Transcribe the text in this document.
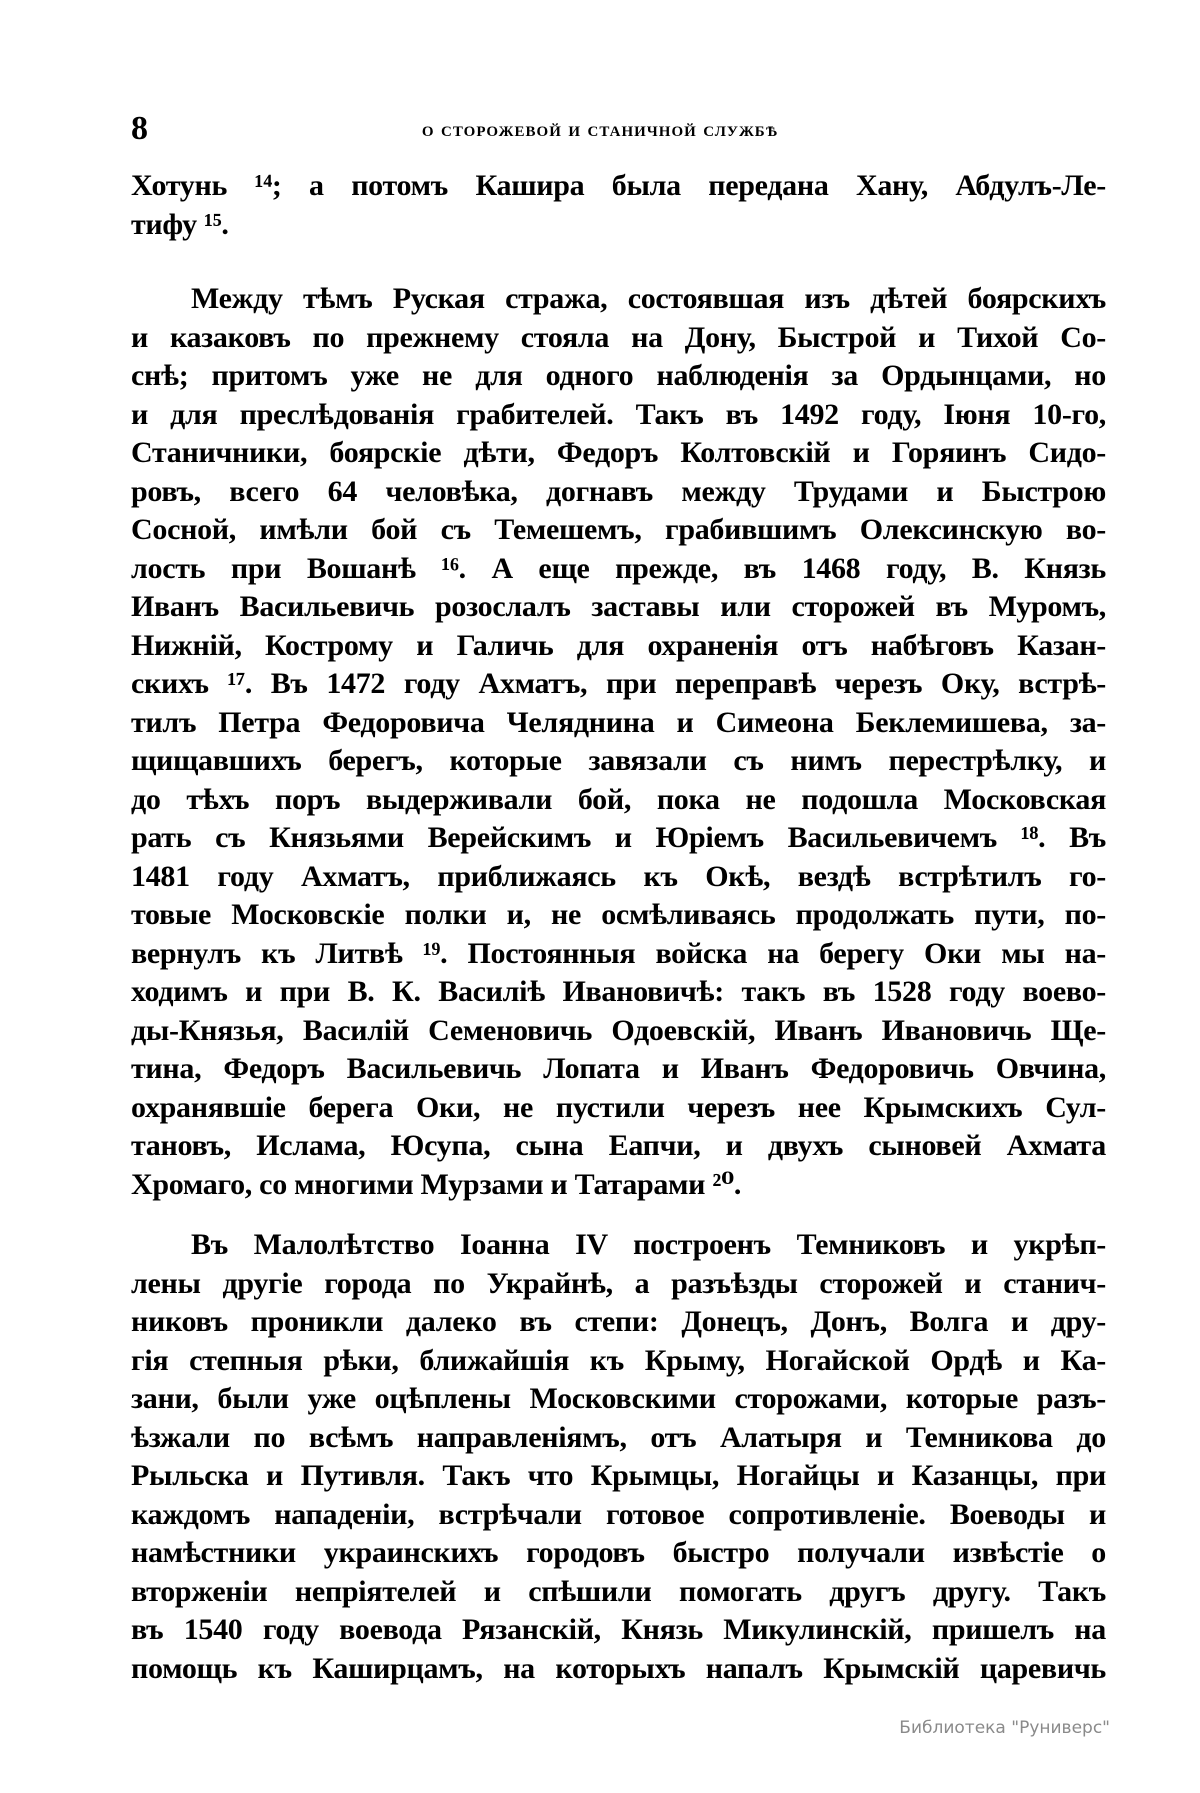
8	о сторожевой и станичной службѣ
Хотунь ¹⁴; а потомъ Кашира была передана Хану, Абдулъ-Ле-
тифу ¹⁵.
Между тѣмъ Руская стража, состоявшая изъ дѣтей боярскихъ
и казаковъ по прежнему стояла на Дону, Быстрой и Тихой Со-
снѣ; притомъ уже не для одного наблюденія за Ордынцами, но
и для преслѣдованія грабителей. Такъ въ 1492 году, Іюня 10-го,
Станичники, боярскіе дѣти, Федоръ Колтовскій и Горяинъ Сидо-
ровъ, всего 64 человѣка, догнавъ между Трудами и Быстрою
Сосной, имѣли бой съ Темешемъ, грабившимъ Олексинскую во-
лость при Вошанѣ ¹⁶. А еще прежде, въ 1468 году, В. Князь
Иванъ Васильевичь розослалъ заставы или сторожей въ Муромъ,
Нижній, Кострому и Галичь для охраненія отъ набѣговъ Казан-
скихъ ¹⁷. Въ 1472 году Ахматъ, при переправѣ черезъ Оку, встрѣ-
тилъ Петра Федоровича Челяднина и Симеона Беклемишева, за-
щищавшихъ берегъ, которые завязали съ нимъ перестрѣлку, и
до тѣхъ поръ выдерживали бой, пока не подошла Московская
рать съ Князьями Верейскимъ и Юріемъ Васильевичемъ ¹⁸. Въ
1481 году Ахматъ, приближаясь къ Окѣ, вездѣ встрѣтилъ го-
товые Московскіе полки и, не осмѣливаясь продолжать пути, по-
вернулъ къ Литвѣ ¹⁹. Постоянныя войска на берегу Оки мы на-
ходимъ и при В. К. Василіѣ Ивановичѣ: такъ въ 1528 году воево-
ды-Князья, Василій Семеновичь Одоевскій, Иванъ Ивановичь Ще-
тина, Федоръ Васильевичь Лопата и Иванъ Федоровичь Овчина,
охранявшіе берега Оки, не пустили черезъ нее Крымскихъ Сул-
тановъ, Ислама, Юсупа, сына Еапчи, и двухъ сыновей Ахмата
Хромаго, со многими Мурзами и Татарами ²⁰.
Въ Малолѣтство Іоанна IV построенъ Темниковъ и укрѣп-
лены другіе города по Украйнѣ, а разъѣзды сторожей и станич-
никовъ проникли далеко въ степи: Донецъ, Донъ, Волга и дру-
гія степныя рѣки, ближайшія къ Крыму, Ногайской Ордѣ и Ка-
зани, были уже оцѣплены Московскими сторожами, которые разъ-
ѣзжали по всѣмъ направленіямъ, отъ Алатыря и Темникова до
Рыльска и Путивля. Такъ что Крымцы, Ногайцы и Казанцы, при
каждомъ нападеніи, встрѣчали готовое сопротивленіе. Воеводы и
намѣстники украинскихъ городовъ быстро получали извѣстіе о
вторженіи непріятелей и спѣшили помогать другъ другу. Такъ
въ 1540 году воевода Рязанскій, Князь Микулинскій, пришелъ на
помощь къ Каширцамъ, на которыхъ напалъ Крымскій царевичь
Библиотека "Руниверс"
